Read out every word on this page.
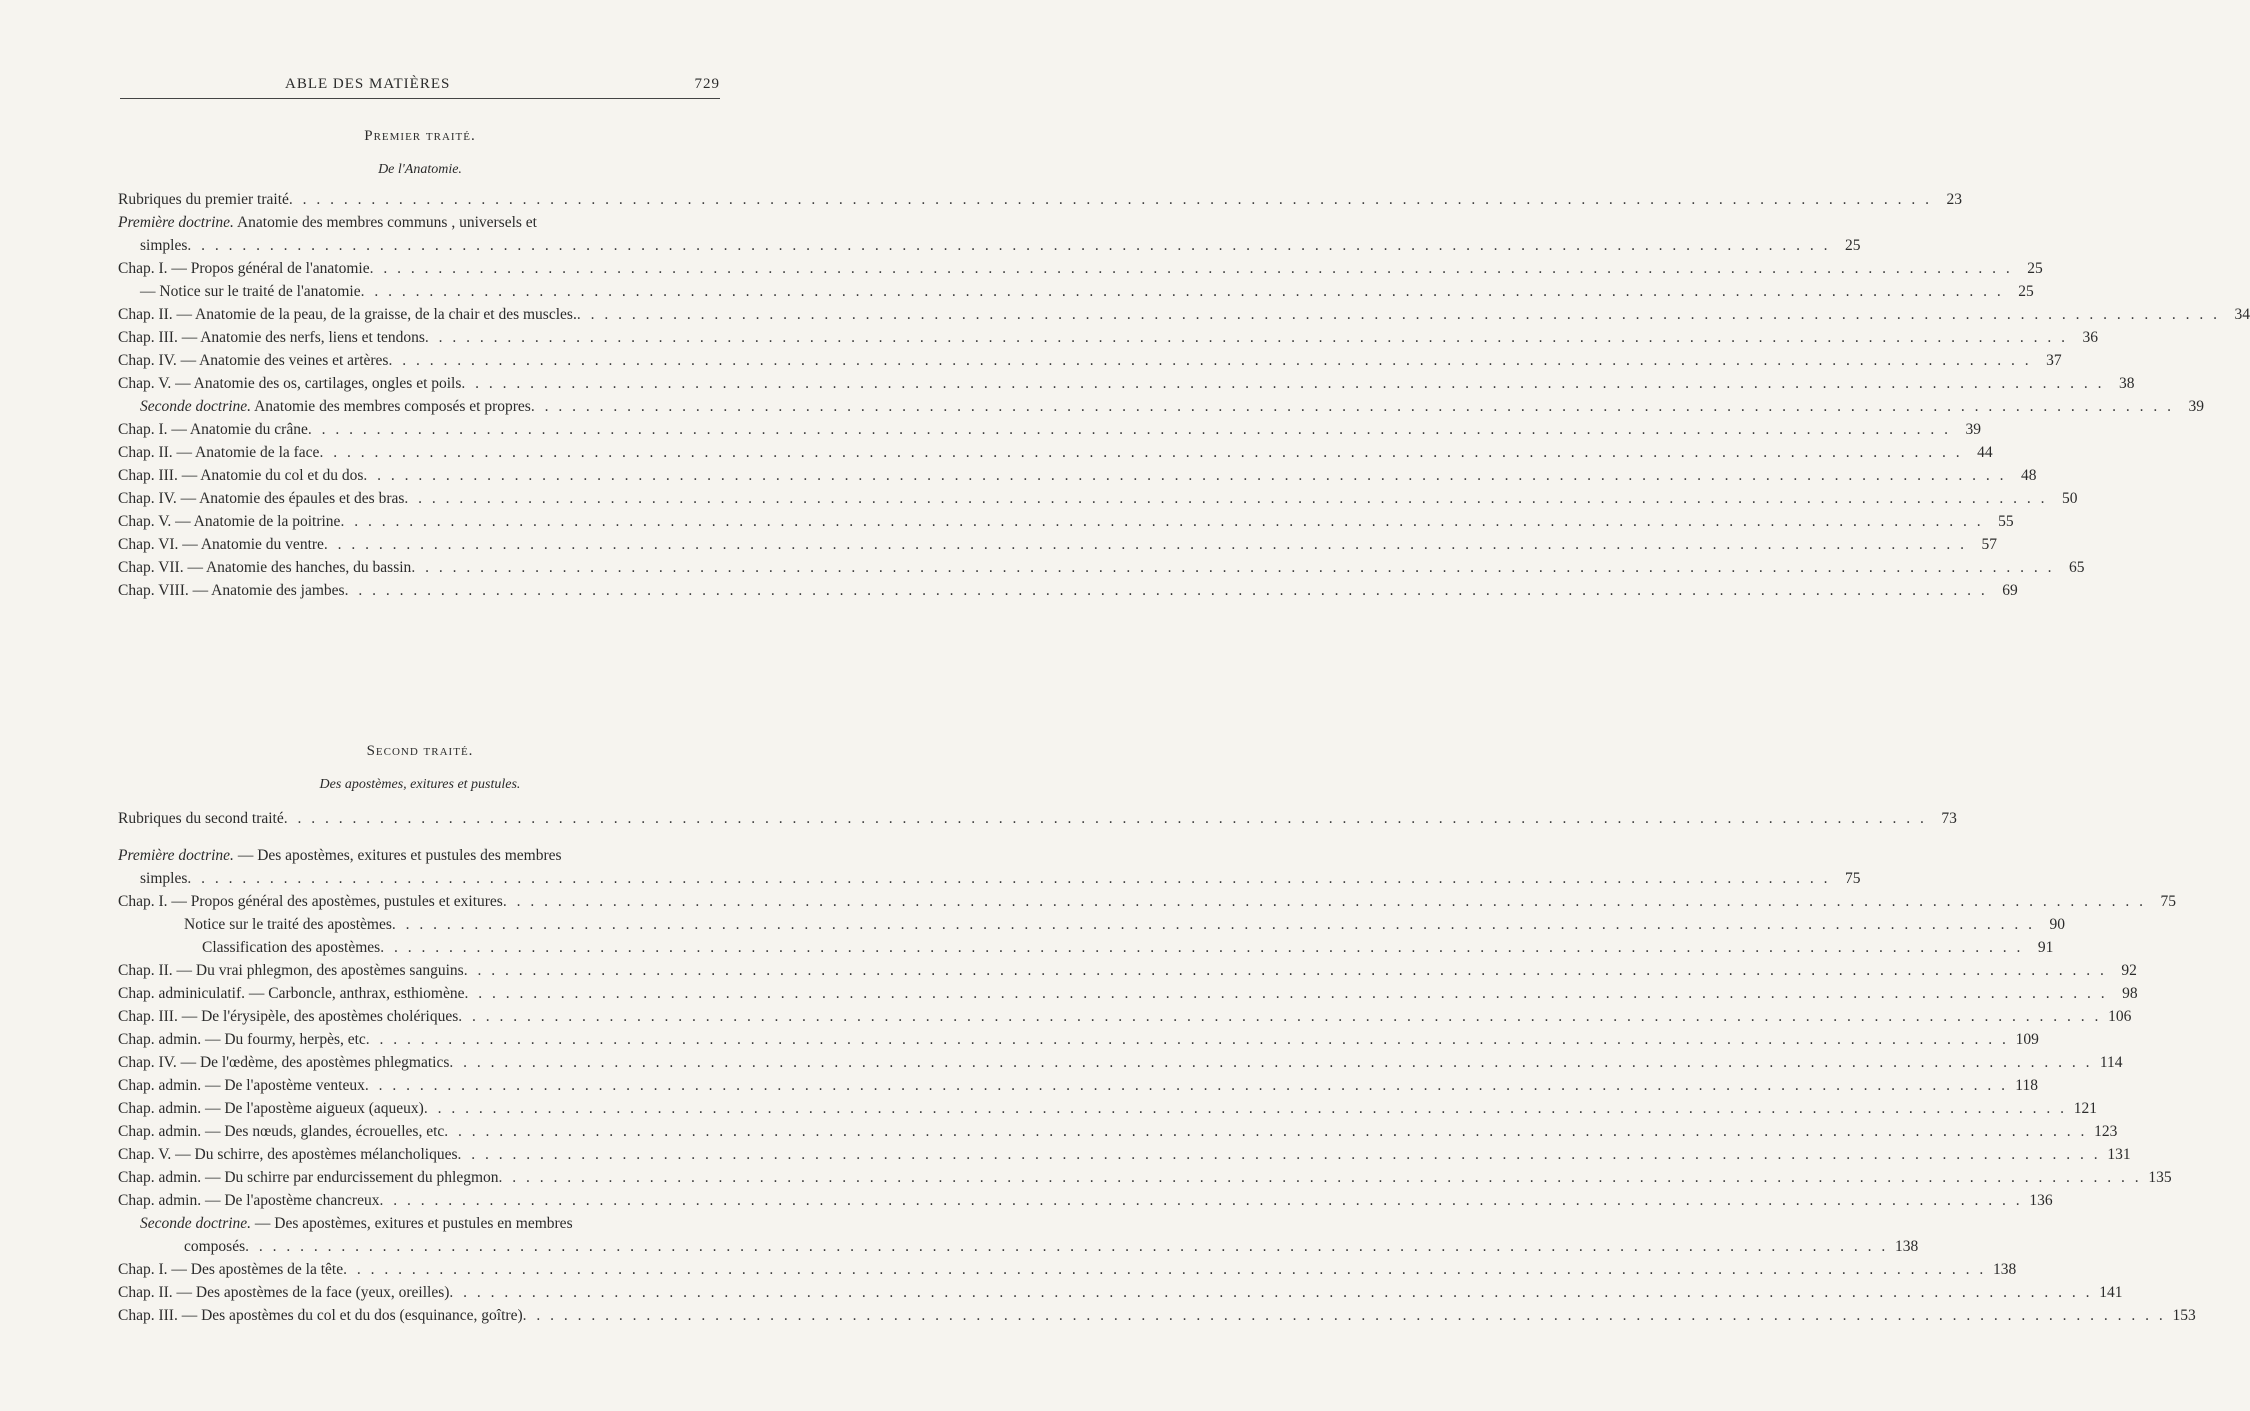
ABLE DES MATIÈRES	729
Premier traité.
De l'Anatomie.
Rubriques du premier traité . . .	23
Première doctrine. Anatomie des membres communs , universels et
simples . . .	25
Chap. I. — Propos général de l'anatomie . . .	25
— Notice sur le traité de l'anatomie . . .	25
Chap. II. — Anatomie de la peau, de la graisse, de la chair et des muscles. . . .	34
Chap. III. — Anatomie des nerfs, liens et tendons . . .	36
Chap. IV. — Anatomie des veines et artères . . .	37
Chap. V. — Anatomie des os, cartilages, ongles et poils . . .	38
Seconde doctrine. Anatomie des membres composés et propres . . .	39
Chap. I. — Anatomie du crâne . . .	39
Chap. II. — Anatomie de la face . . .	44
Chap. III. — Anatomie du col et du dos . . .	48
Chap. IV. — Anatomie des épaules et des bras . . .	50
Chap. V. — Anatomie de la poitrine . . .	55
Chap. VI. — Anatomie du ventre . . .	57
Chap. VII. — Anatomie des hanches, du bassin . . .	65
Chap. VIII. — Anatomie des jambes . . .	69
Second traité.
Des apostèmes, exitures et pustules.
Rubriques du second traité . . .	73
Première doctrine. — Des apostèmes, exitures et pustules des membres
simples . . .	75
Chap. I. — Propos général des apostèmes, pustules et exitures . . .	75
Notice sur le traité des apostèmes . . .	90
Classification des apostèmes . . .	91
Chap. II. — Du vrai phlegmon, des apostèmes sanguins . . .	92
Chap. adminiculatif. — Carboncle, anthrax, esthiomène . . .	98
Chap. III. — De l'érysipèle, des apostèmes cholériques . . .	106
Chap. admin. — Du fourmy, herpès, etc . . .	109
Chap. IV. — De l'œdème, des apostèmes phlegmatics . . .	114
Chap. admin. — De l'apostème venteux . . .	118
Chap. admin. — De l'apostème aigueux (aqueux) . . .	121
Chap. admin. — Des nœuds, glandes, écrouelles, etc . . .	123
Chap. V. — Du schirre, des apostèmes mélancholiques . . .	131
Chap. admin. — Du schirre par endurcissement du phlegmon . . .	135
Chap. admin. — De l'apostème chancreux . . .	136
Seconde doctrine. — Des apostèmes, exitures et pustules en membres
composés . . .	138
Chap. I. — Des apostèmes de la tête . . .	138
Chap. II. — Des apostèmes de la face (yeux, oreilles) . . .	141
Chap. III. — Des apostèmes du col et du dos (esquinance, goître) . . .	153
